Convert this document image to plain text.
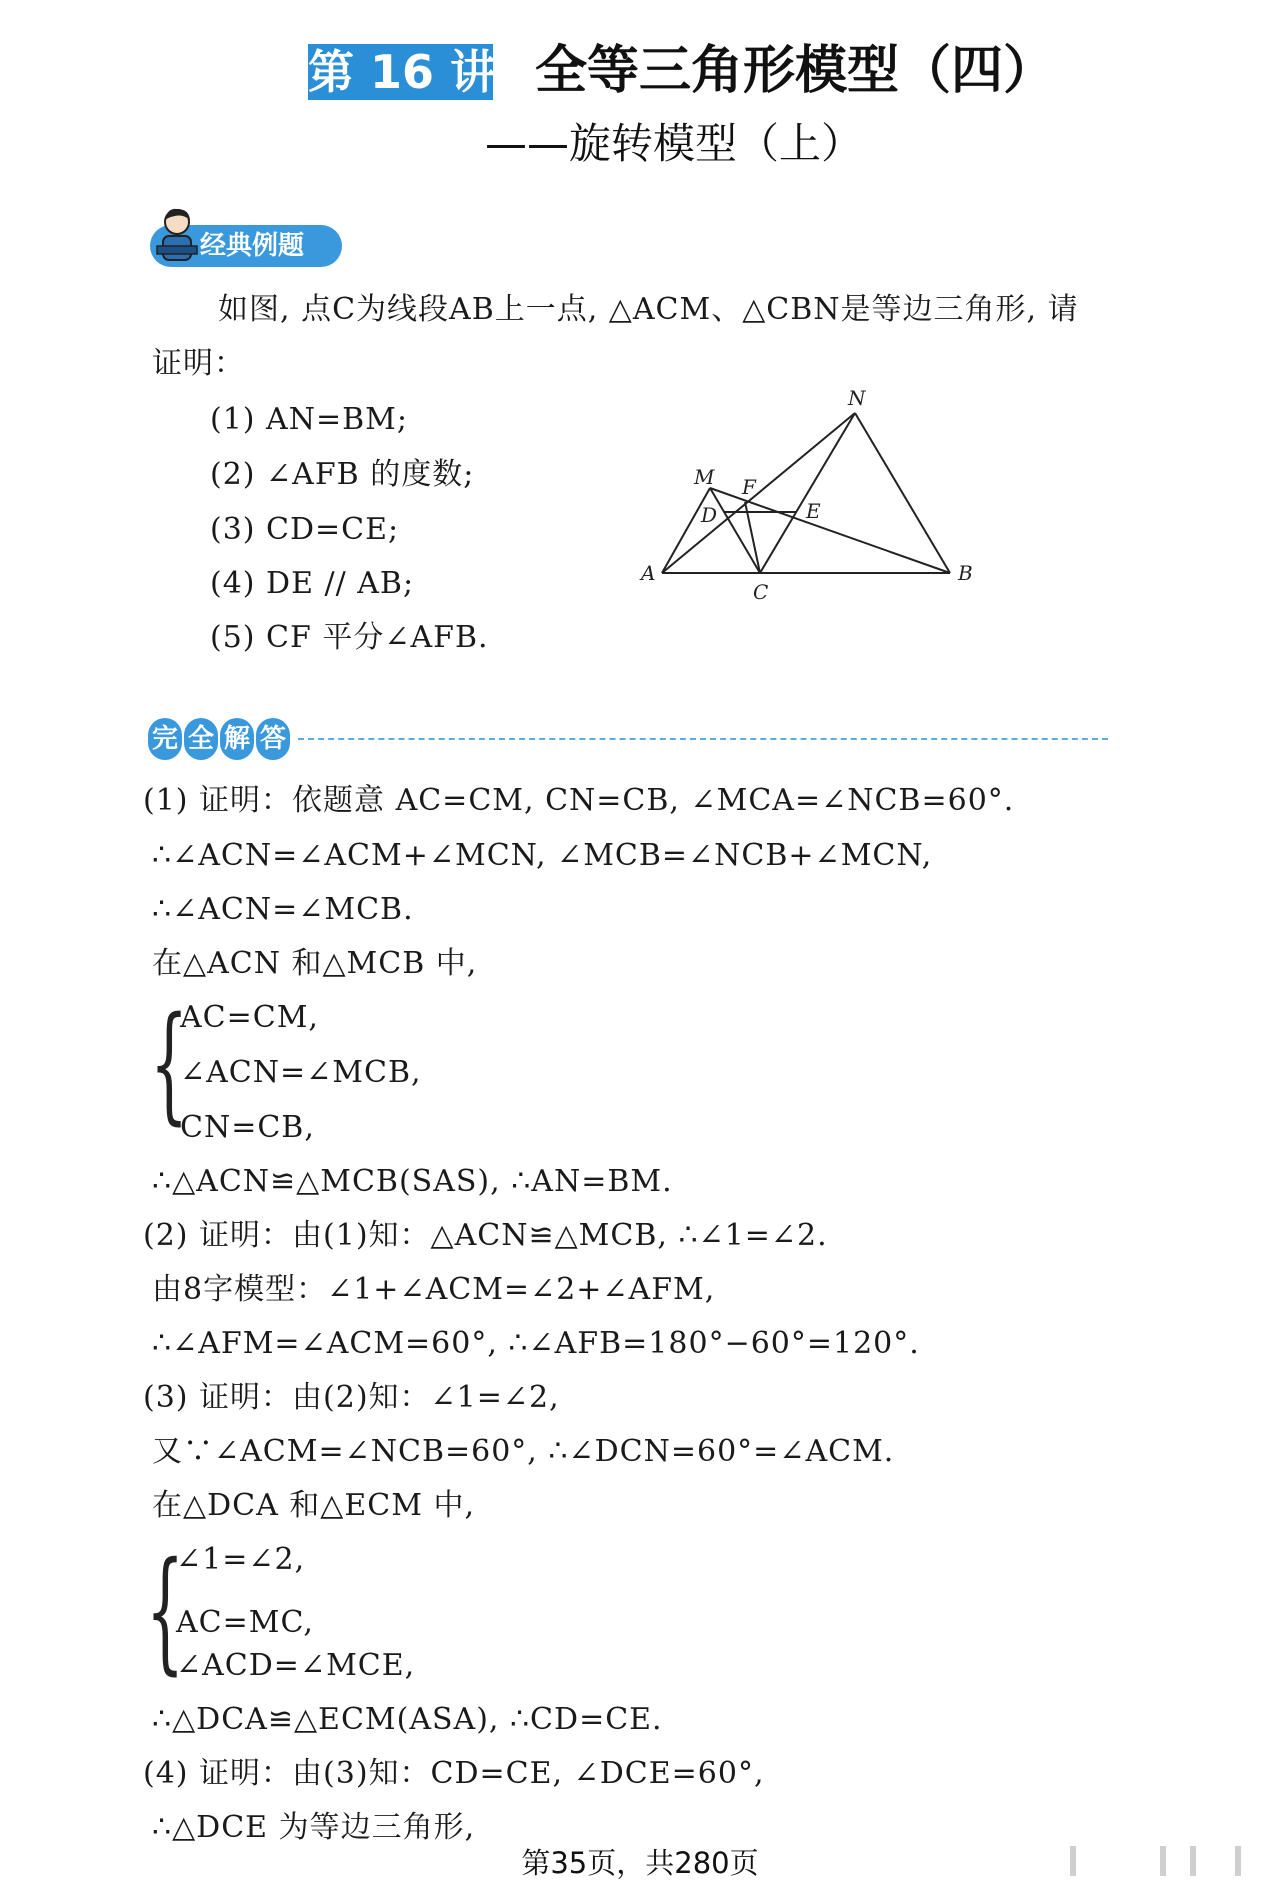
第 16 讲 全等三角形模型（四）
——旋转模型（上）
经典例题
如图, 点C为线段AB上一点, △ACM、△CBN是等边三角形, 请
证明：
(1) AN=BM;
(2) ∠AFB 的度数;
(3) CD=CE;
(4) DE // AB;
(5) CF 平分∠AFB.
N
M F
D	E
A
C
B
完 全 解 答
(1) 证明：依题意 AC=CM, CN=CB, ∠MCA=∠NCB=60°.
∴∠ACN=∠ACM+∠MCN, ∠MCB=∠NCB+∠MCN,
∴∠ACN=∠MCB.
在△ACN 和△MCB 中,
{
AC=CM,
∠ACN=∠MCB,
CN=CB,
∴△ACN≌△MCB(SAS), ∴AN=BM.
(2) 证明：由(1)知：△ACN≌△MCB, ∴∠1=∠2.
由8字模型：∠1+∠ACM=∠2+∠AFM,
∴∠AFM=∠ACM=60°, ∴∠AFB=180°−60°=120°.
(3) 证明：由(2)知：∠1=∠2,
又∵∠ACM=∠NCB=60°, ∴∠DCN=60°=∠ACM.
在△DCA 和△ECM 中,
{
∠1=∠2,
AC=MC,
∠ACD=∠MCE,
∴△DCA≌△ECM(ASA), ∴CD=CE.
(4) 证明：由(3)知：CD=CE, ∠DCE=60°,
∴△DCE 为等边三角形,
第35页，共280页
